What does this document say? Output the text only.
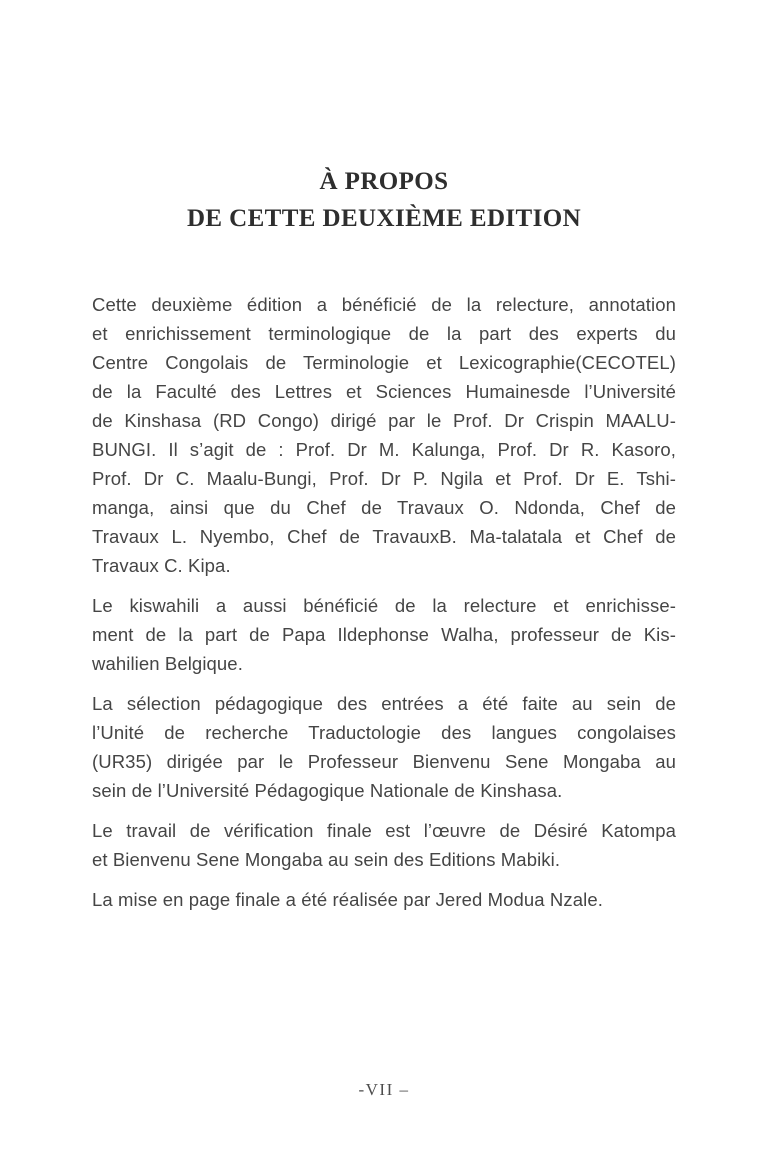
À PROPOS
DE CETTE DEUXIÈME EDITION

Cette deuxième édition a bénéficié de la relecture, annotation
et enrichissement terminologique de la part des experts du
Centre Congolais de Terminologie et Lexicographie(CECOTEL)
de la Faculté des Lettres et Sciences Humainesde l’Université
de Kinshasa (RD Congo) dirigé par le Prof. Dr Crispin MAALU-
BUNGI. Il s’agit de : Prof. Dr M. Kalunga, Prof. Dr R. Kasoro,
Prof. Dr C. Maalu-Bungi, Prof. Dr P. Ngila et Prof. Dr E. Tshi-
manga, ainsi que du Chef de Travaux O. Ndonda, Chef de
Travaux L. Nyembo, Chef de TravauxB. Ma-talatala et Chef de
Travaux C. Kipa.

Le kiswahili a aussi bénéficié de la relecture et enrichisse-
ment de la part de Papa Ildephonse Walha, professeur de Kis-
wahilien Belgique.

La sélection pédagogique des entrées a été faite au sein de
l’Unité de recherche Traductologie des langues congolaises
(UR35) dirigée par le Professeur Bienvenu Sene Mongaba au
sein de l’Université Pédagogique Nationale de Kinshasa.

Le travail de vérification finale est l’œuvre de Désiré Katompa
et Bienvenu Sene Mongaba au sein des Editions Mabiki.

La mise en page finale a été réalisée par Jered Modua Nzale.

-VII –
